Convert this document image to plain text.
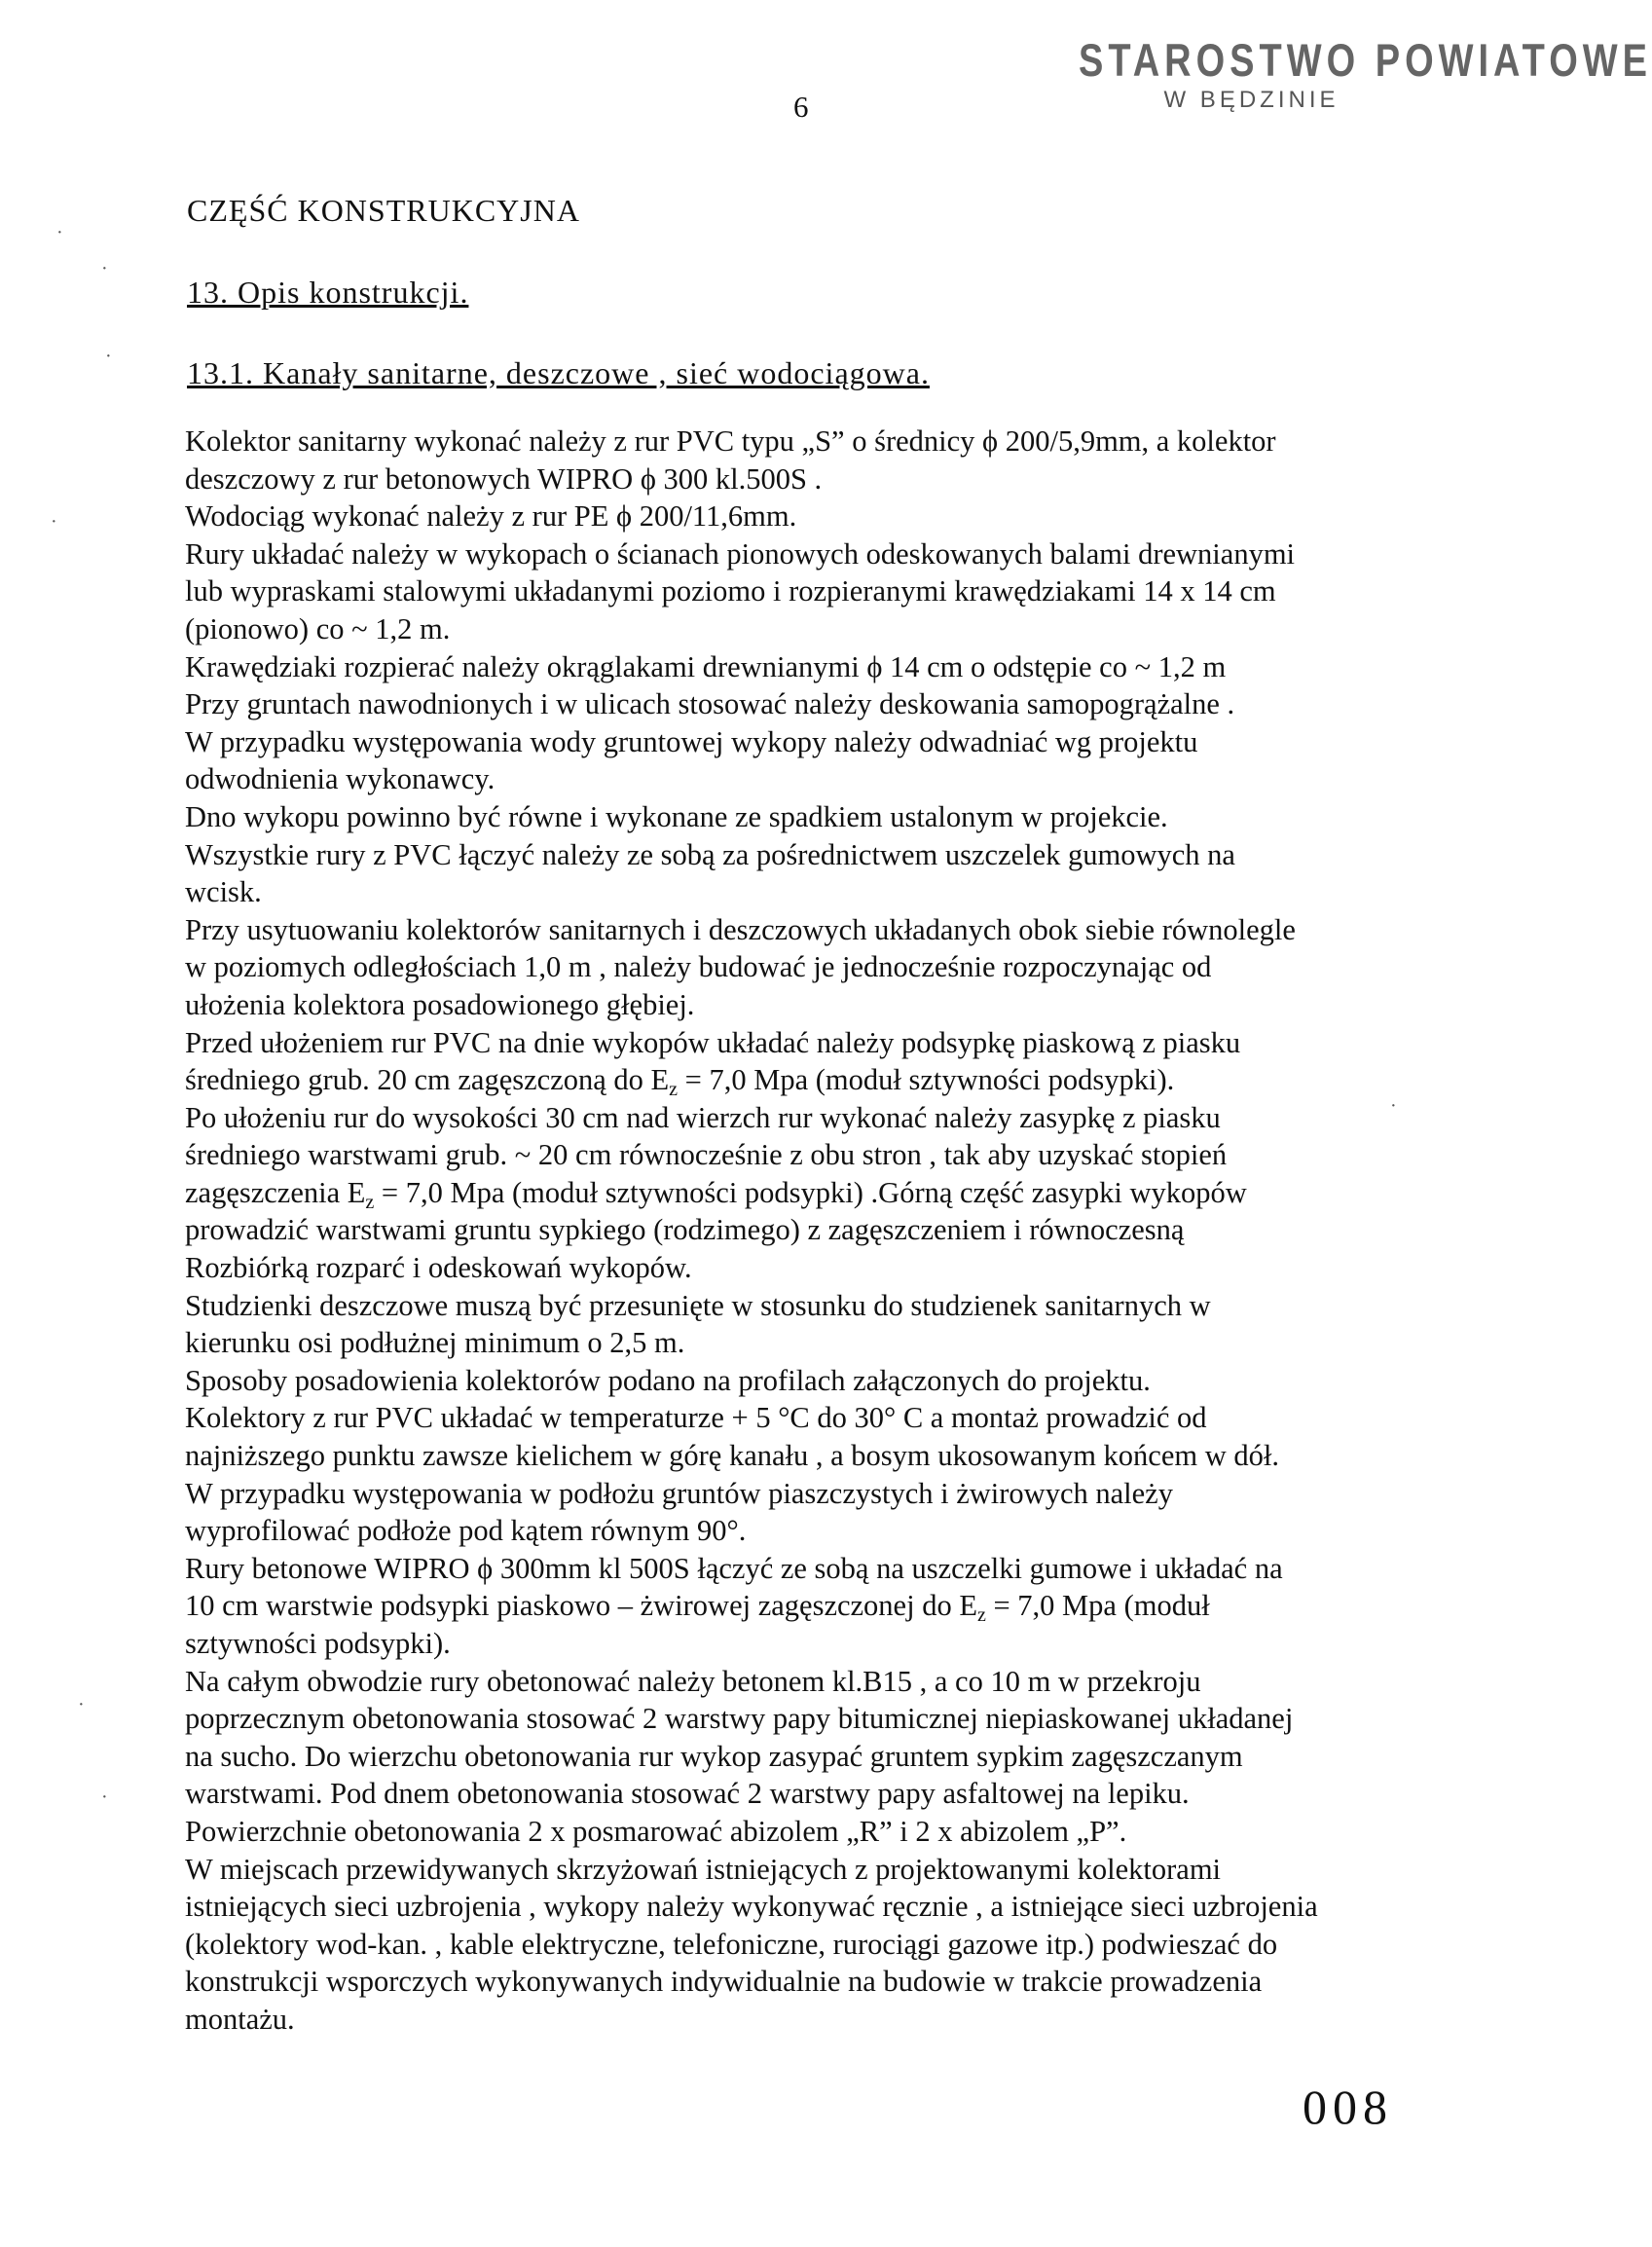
6
STAROSTWO POWIATOWE
W BĘDZINIE
CZĘŚĆ KONSTRUKCYJNA
13. Opis konstrukcji.
13.1. Kanały sanitarne, deszczowe , sieć wodociągowa.
Kolektor sanitarny wykonać należy z rur PVC typu „S” o średnicy ϕ 200/5,9mm, a kolektor
deszczowy z rur betonowych WIPRO ϕ 300 kl.500S .
Wodociąg wykonać należy z rur PE ϕ 200/11,6mm.
Rury układać należy w wykopach o ścianach pionowych odeskowanych balami drewnianymi
lub wypraskami stalowymi układanymi poziomo i rozpieranymi krawędziakami 14 x 14 cm
(pionowo) co ~ 1,2 m.
Krawędziaki rozpierać należy okrąglakami drewnianymi ϕ 14 cm o odstępie co ~ 1,2 m
Przy gruntach nawodnionych i w ulicach stosować należy deskowania samopogrążalne .
W przypadku występowania wody gruntowej wykopy należy odwadniać wg projektu
odwodnienia wykonawcy.
Dno wykopu powinno być równe i wykonane ze spadkiem ustalonym w projekcie.
Wszystkie rury z PVC łączyć należy ze sobą za pośrednictwem uszczelek gumowych na
wcisk.
Przy usytuowaniu kolektorów sanitarnych i deszczowych układanych obok siebie równolegle
w poziomych odległościach 1,0 m , należy budować je jednocześnie rozpoczynając od
ułożenia kolektora posadowionego głębiej.
Przed ułożeniem rur PVC na dnie wykopów układać należy podsypkę piaskową z piasku
średniego grub. 20 cm zagęszczoną do $E_z = 7,0$ Mpa (moduł sztywności podsypki).
Po ułożeniu rur do wysokości 30 cm nad wierzch rur wykonać należy zasypkę z piasku
średniego warstwami grub. ~ 20 cm równocześnie z obu stron , tak aby uzyskać stopień
zagęszczenia $E_z = 7,0$ Mpa (moduł sztywności podsypki) .Górną część zasypki wykopów
prowadzić warstwami gruntu sypkiego (rodzimego) z zagęszczeniem i równoczesną
Rozbiórką rozparć i odeskowań wykopów.
Studzienki deszczowe muszą być przesunięte w stosunku do studzienek sanitarnych w
kierunku osi podłużnej minimum o 2,5 m.
Sposoby posadowienia kolektorów podano na profilach załączonych do projektu.
Kolektory z rur PVC układać w temperaturze + 5 °C do 30° C a montaż prowadzić od
najniższego punktu zawsze kielichem w górę kanału , a bosym ukosowanym końcem w dół.
W przypadku występowania w podłożu gruntów piaszczystych i żwirowych należy
wyprofilować podłoże pod kątem równym 90°.
Rury betonowe WIPRO ϕ 300mm kl 500S łączyć ze sobą na uszczelki gumowe i układać na
10 cm warstwie podsypki piaskowo – żwirowej zagęszczonej do $E_z = 7,0$ Mpa (moduł
sztywności podsypki).
Na całym obwodzie rury obetonować należy betonem kl.B15 , a co 10 m w przekroju
poprzecznym obetonowania stosować 2 warstwy papy bitumicznej niepiaskowanej układanej
na sucho. Do wierzchu obetonowania rur wykop zasypać gruntem sypkim zagęszczanym
warstwami. Pod dnem obetonowania stosować 2 warstwy papy asfaltowej na lepiku.
Powierzchnie obetonowania 2 x posmarować abizolem „R” i 2 x abizolem „P”.
W miejscach przewidywanych skrzyżowań istniejących z projektowanymi kolektorami
istniejących sieci uzbrojenia , wykopy należy wykonywać ręcznie , a istniejące sieci uzbrojenia
(kolektory wod-kan. , kable elektryczne, telefoniczne, rurociągi gazowe itp.) podwieszać do
konstrukcji wsporczych wykonywanych indywidualnie na budowie w trakcie prowadzenia
montażu.
008
·
·
·
·
·
·
·
